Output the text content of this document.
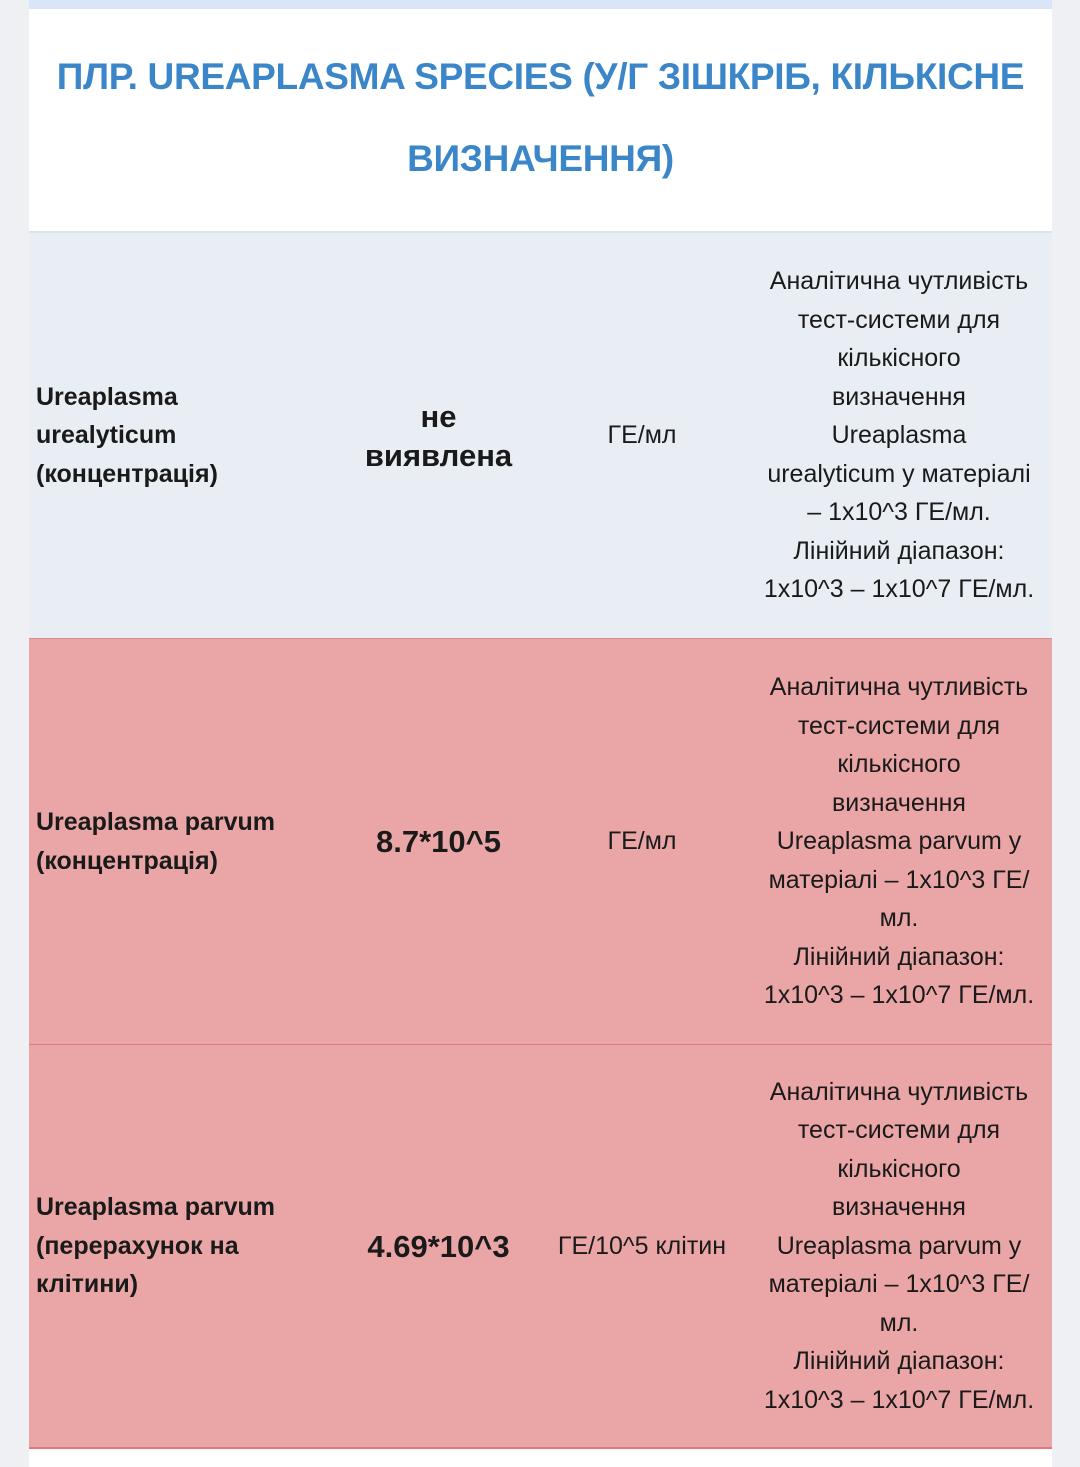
ПЛР. UREAPLASMA SPECIES (У/Г ЗІШКРІБ, КІЛЬКІСНЕ ВИЗНАЧЕННЯ)
Ureaplasma
urealyticum
(концентрація)
не
виявлена
ГЕ/мл
Аналітична чутливість
тест-системи для
кількісного
визначення
Ureaplasma
urealyticum у матеріалі
– 1х10^3 ГЕ/мл.
Лінійний діапазон:
1х10^3 – 1х10^7 ГЕ/мл.
Ureaplasma parvum
(концентрація)
8.7*10^5	ГЕ/мл
Аналітична чутливість
тест-системи для
кількісного
визначення
Ureaplasma parvum у
матеріалі – 1х10^3 ГЕ/
мл.
Лінійний діапазон:
1х10^3 – 1х10^7 ГЕ/мл.
Ureaplasma parvum
(перерахунок на
клітини)
4.69*10^3	ГЕ/10^5 клітин
Аналітична чутливість
тест-системи для
кількісного
визначення
Ureaplasma parvum у
матеріалі – 1х10^3 ГЕ/
мл.
Лінійний діапазон:
1х10^3 – 1х10^7 ГЕ/мл.
